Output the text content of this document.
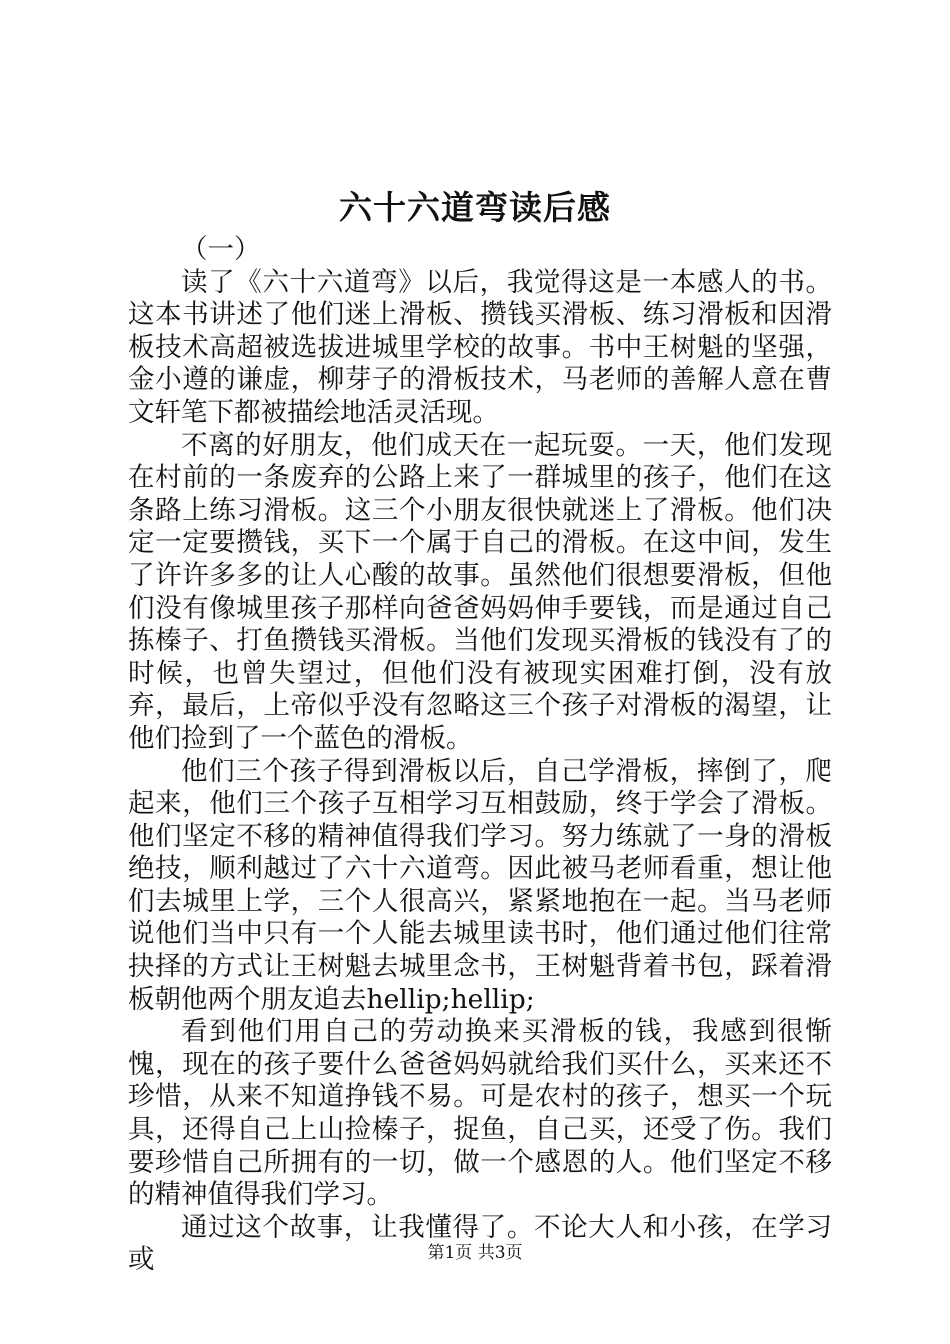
六十六道弯读后感

（一）

读了《六十六道弯》以后，我觉得这是一本感人的书。这本书讲述了他们迷上滑板、攒钱买滑板、练习滑板和因滑板技术高超被选拔进城里学校的故事。书中王树魁的坚强，金小遵的谦虚，柳芽子的滑板技术，马老师的善解人意在曹文轩笔下都被描绘地活灵活现。

不离的好朋友，他们成天在一起玩耍。一天，他们发现在村前的一条废弃的公路上来了一群城里的孩子，他们在这条路上练习滑板。这三个小朋友很快就迷上了滑板。他们决定一定要攒钱，买下一个属于自己的滑板。在这中间，发生了许许多多的让人心酸的故事。虽然他们很想要滑板，但他们没有像城里孩子那样向爸爸妈妈伸手要钱，而是通过自己拣榛子、打鱼攒钱买滑板。当他们发现买滑板的钱没有了的时候，也曾失望过，但他们没有被现实困难打倒，没有放弃，最后，上帝似乎没有忽略这三个孩子对滑板的渴望，让他们捡到了一个蓝色的滑板。

他们三个孩子得到滑板以后，自己学滑板，摔倒了，爬起来，他们三个孩子互相学习互相鼓励，终于学会了滑板。他们坚定不移的精神值得我们学习。努力练就了一身的滑板绝技，顺利越过了六十六道弯。因此被马老师看重，想让他们去城里上学，三个人很高兴，紧紧地抱在一起。当马老师说他们当中只有一个人能去城里读书时，他们通过他们往常抉择的方式让王树魁去城里念书，王树魁背着书包，踩着滑板朝他两个朋友追去hellip;hellip;

看到他们用自己的劳动换来买滑板的钱，我感到很惭愧，现在的孩子要什么爸爸妈妈就给我们买什么，买来还不珍惜，从来不知道挣钱不易。可是农村的孩子，想买一个玩具，还得自己上山捡榛子，捉鱼，自己买，还受了伤。我们要珍惜自己所拥有的一切，做一个感恩的人。他们坚定不移的精神值得我们学习。

通过这个故事，让我懂得了。不论大人和小孩，在学习或	第1页 共3页
